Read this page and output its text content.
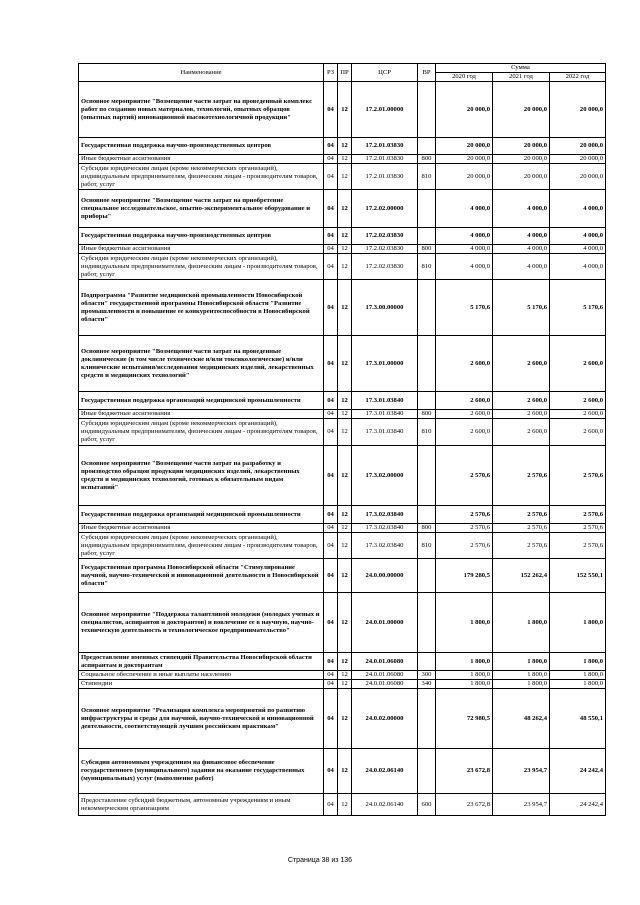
Наименование	РЗ	ПР	ЦСР	ВР	Сумма		
					2020 год	2021 год	2022 год
Основное мероприятие "Возмещение части затрат на проведенный комплекс работ по созданию новых материалов, технологий, опытных образцов (опытных партий) инновационной высокотехнологичной продукции"	04	12	17.2.01.00000		20 000,0	20 000,0	20 000,0
Государственная поддержка научно-производственных центров	04	12	17.2.01.03830		20 000,0	20 000,0	20 000,0
Иные бюджетные ассигнования	04	12	17.2.01.03830	800	20 000,0	20 000,0	20 000,0
Субсидии юридическим лицам (кроме некоммерческих организаций), индивидуальным предпринимателям, физическим лицам - производителям товаров, работ, услуг	04	12	17.2.01.03830	810	20 000,0	20 000,0	20 000,0
Основное мероприятие "Возмещение части затрат на приобретение специальное исследовательское, опытно-экспериментальное оборудование и приборы"	04	12	17.2.02.00000		4 000,0	4 000,0	4 000,0
Государственная поддержка научно-производственных центров	04	12	17.2.02.03830		4 000,0	4 000,0	4 000,0
Иные бюджетные ассигнования	04	12	17.2.02.03830	800	4 000,0	4 000,0	4 000,0
Субсидии юридическим лицам (кроме некоммерческих организаций), индивидуальным предпринимателям, физическим лицам - производителям товаров, работ, услуг	04	12	17.2.02.03830	810	4 000,0	4 000,0	4 000,0
Подпрограмма "Развитие медицинской промышленности Новосибирской области" государственной программы Новосибирской области "Развитие промышленности и повышение ее конкурентоспособности в Новосибирской области"	04	12	17.3.00.00000		5 170,6	5 170,6	5 170,6
Основное мероприятие "Возмещение части затрат на проведенные доклинические (в том числе технические и/или токсикологические) и/или клинические испытания/исследования медицинских изделий, лекарственных средств и медицинских технологий"	04	12	17.3.01.00000		2 600,0	2 600,0	2 600,0
Государственная поддержка организаций медицинской промышленности	04	12	17.3.01.03840		2 600,0	2 600,0	2 600,0
Иные бюджетные ассигнования	04	12	17.3.01.03840	800	2 600,0	2 600,0	2 600,0
Субсидии юридическим лицам (кроме некоммерческих организаций), индивидуальным предпринимателям, физическим лицам - производителям товаров, работ, услуг	04	12	17.3.01.03840	810	2 600,0	2 600,0	2 600,0
Основное мероприятие "Возмещение части затрат на разработку и производство образцов продукции медицинских изделий, лекарственных средств и медицинских технологий, готовых к обязательным видам испытаний"	04	12	17.3.02.00000		2 570,6	2 570,6	2 570,6
Государственная поддержка организаций медицинской промышленности	04	12	17.3.02.03840		2 570,6	2 570,6	2 570,6
Иные бюджетные ассигнования	04	12	17.3.02.03840	800	2 570,6	2 570,6	2 570,6
Субсидии юридическим лицам (кроме некоммерческих организаций), индивидуальным предпринимателям, физическим лицам - производителям товаров, работ, услуг	04	12	17.3.02.03840	810	2 570,6	2 570,6	2 570,6
Государственная программа Новосибирской области "Стимулирование научной, научно-технической и инновационной деятельности в Новосибирской области"	04	12	24.0.00.00000		179 280,5	152 262,4	152 550,1
Основное мероприятие "Поддержка талантливой молодежи (молодых ученых и специалистов, аспирантов и докторантов) и вовлечение ее в научную, научно-техническую деятельность и технологическое предпринимательство"	04	12	24.0.01.00000		1 800,0	1 800,0	1 800,0
Предоставление именных стипендий Правительства Новосибирской области аспирантам и докторантам	04	12	24.0.01.06080		1 800,0	1 800,0	1 800,0
Социальное обеспечение и иные выплаты населению	04	12	24.0.01.06080	300	1 800,0	1 800,0	1 800,0
Стипендии	04	12	24.0.01.06080	340	1 800,0	1 800,0	1 800,0
Основное мероприятие "Реализация комплекса мероприятий по развитию инфраструктуры и среды для научной, научно-технической и инновационной деятельности, соответствующей лучшим российским практикам"	04	12	24.0.02.00000		72 980,5	48 262,4	48 550,1
Субсидии автономным учреждениям на финансовое обеспечение государственного (муниципального) задания на оказание государственных (муниципальных) услуг (выполнение работ)	04	12	24.0.02.06140		23 672,8	23 954,7	24 242,4
Предоставление субсидий бюджетным, автономным учреждениям и иным некоммерческим организациям	04	12	24.0.02.06140	600	23 672,8	23 954,7	24 242,4
Страница 38 из 136
